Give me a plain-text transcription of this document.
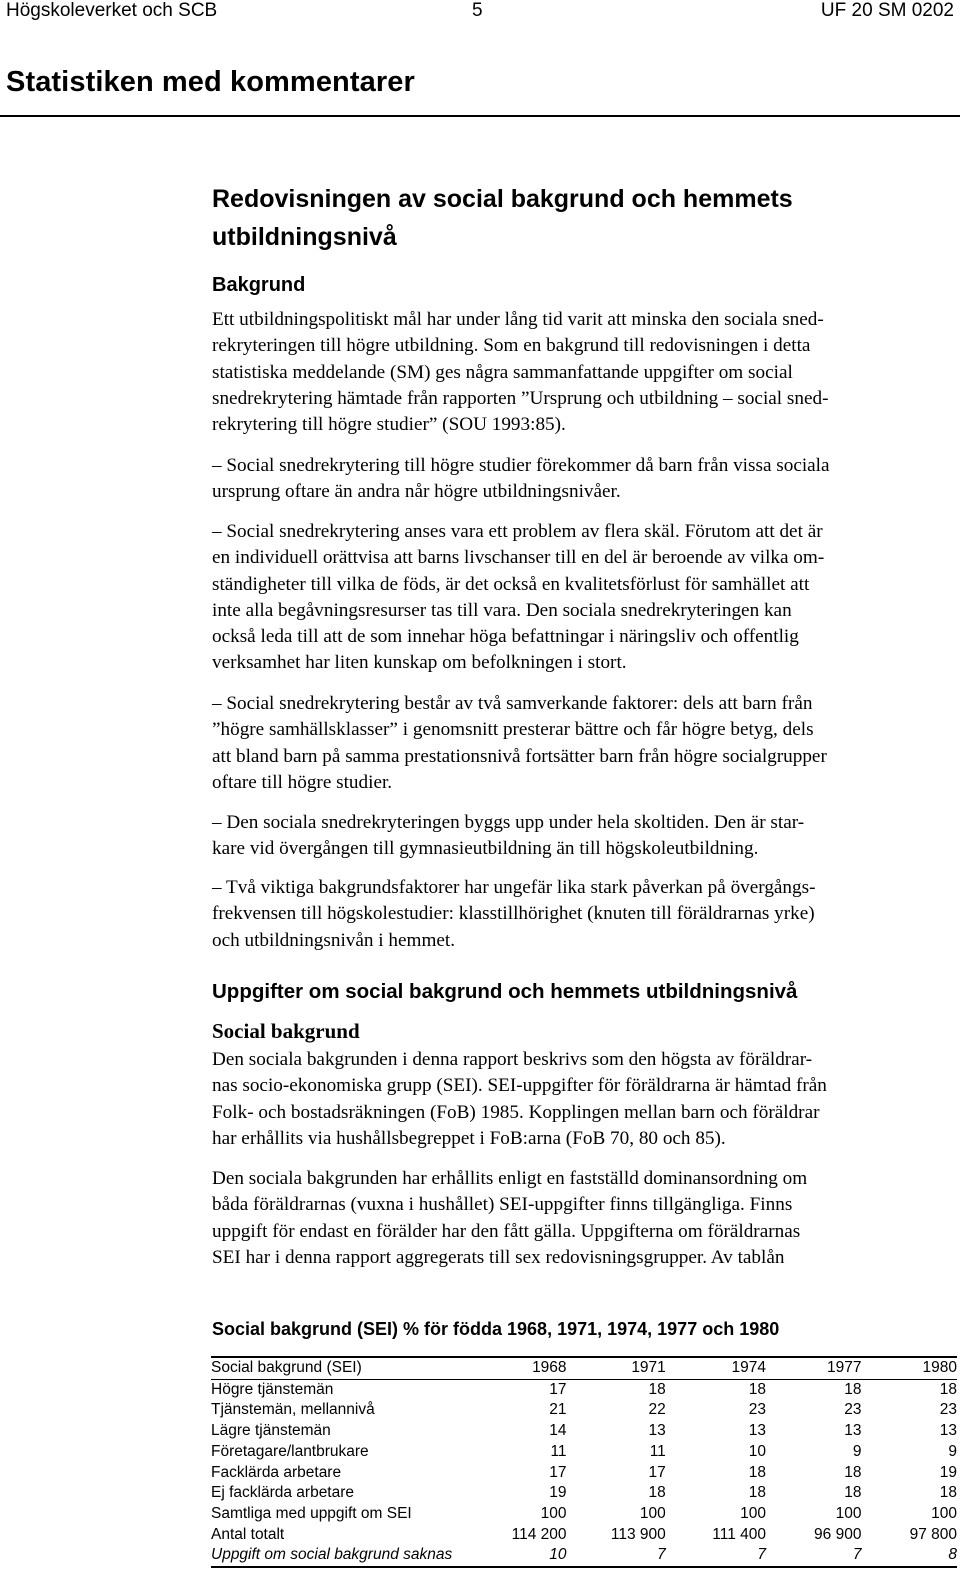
Högskoleverket och SCB	5	UF 20 SM 0202
Statistiken med kommentarer
Redovisningen av social bakgrund och hemmets
utbildningsnivå
Bakgrund

Ett utbildningspolitiskt mål har under lång tid varit att minska den sociala sned-
rekryteringen till högre utbildning. Som en bakgrund till redovisningen i detta
statistiska meddelande (SM) ges några sammanfattande uppgifter om social
snedrekrytering hämtade från rapporten ”Ursprung och utbildning – social sned-
rekrytering till högre studier” (SOU 1993:85).

– Social snedrekrytering till högre studier förekommer då barn från vissa sociala
ursprung oftare än andra når högre utbildningsnivåer.

– Social snedrekrytering anses vara ett problem av flera skäl. Förutom att det är
en individuell orättvisa att barns livschanser till en del är beroende av vilka om-
ständigheter till vilka de föds, är det också en kvalitetsförlust för samhället att
inte alla begåvningsresurser tas till vara. Den sociala snedrekryteringen kan
också leda till att de som innehar höga befattningar i näringsliv och offentlig
verksamhet har liten kunskap om befolkningen i stort.

– Social snedrekrytering består av två samverkande faktorer: dels att barn från
”högre samhällsklasser” i genomsnitt presterar bättre och får högre betyg, dels
att bland barn på samma prestationsnivå fortsätter barn från högre socialgrupper
oftare till högre studier.

– Den sociala snedrekryteringen byggs upp under hela skoltiden. Den är star-
kare vid övergången till gymnasieutbildning än till högskoleutbildning.

– Två viktiga bakgrundsfaktorer har ungefär lika stark påverkan på övergångs-
frekvensen till högskolestudier: klasstillhörighet (knuten till föräldrarnas yrke)
och utbildningsnivån i hemmet.

Uppgifter om social bakgrund och hemmets utbildningsnivå
Social bakgrund

Den sociala bakgrunden i denna rapport beskrivs som den högsta av föräldrar-
nas socio-ekonomiska grupp (SEI). SEI-uppgifter för föräldrarna är hämtad från
Folk- och bostadsräkningen (FoB) 1985. Kopplingen mellan barn och föräldrar
har erhållits via hushållsbegreppet i FoB:arna (FoB 70, 80 och 85).

Den sociala bakgrunden har erhållits enligt en fastställd dominansordning om
båda föräldrarnas (vuxna i hushållet) SEI-uppgifter finns tillgängliga. Finns
uppgift för endast en förälder har den fått gälla. Uppgifterna om föräldrarnas
SEI har i denna rapport aggregerats till sex redovisningsgrupper. Av tablån

Social bakgrund (SEI) % för födda 1968, 1971, 1974, 1977 och 1980
Social bakgrund (SEI)	1968	1971	1974	1977	1980
Högre tjänstemän	17	18	18	18	18
Tjänstemän, mellannivå	21	22	23	23	23
Lägre tjänstemän	14	13	13	13	13
Företagare/lantbrukare	11	11	10	9	9
Facklärda arbetare	17	17	18	18	19
Ej facklärda arbetare	19	18	18	18	18
Samtliga med uppgift om SEI	100	100	100	100	100
Antal totalt	114 200	113 900	111 400	96 900	97 800
Uppgift om social bakgrund saknas	10	7	7	7	8
